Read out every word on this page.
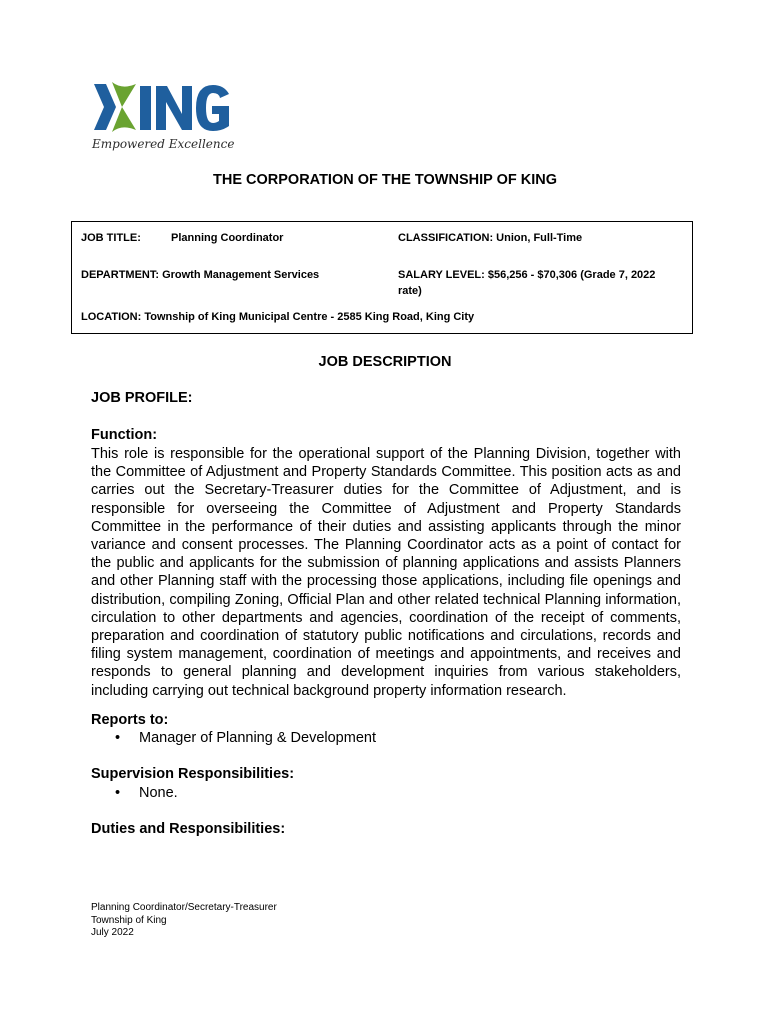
Empowered Excellence
THE CORPORATION OF THE TOWNSHIP OF KING
JOB TITLE:	Planning Coordinator	CLASSIFICATION: Union, Full-Time
DEPARTMENT: Growth Management Services	SALARY LEVEL: $56,256 - $70,306 (Grade 7, 2022
rate)
LOCATION: Township of King Municipal Centre - 2585 King Road, King City
JOB DESCRIPTION
JOB PROFILE:
Function:
This role is responsible for the operational support of the Planning Division, together with the Committee of Adjustment and Property Standards Committee. This position acts as and carries out the Secretary-Treasurer duties for the Committee of Adjustment, and is responsible for overseeing the Committee of Adjustment and Property Standards Committee in the performance of their duties and assisting applicants through the minor variance and consent processes. The Planning Coordinator acts as a point of contact for the public and applicants for the submission of planning applications and assists Planners and other Planning staff with the processing those applications, including file openings and distribution, compiling Zoning, Official Plan and other related technical Planning information, circulation to other departments and agencies, coordination of the receipt of comments, preparation and coordination of statutory public notifications and circulations, records and filing system management, coordination of meetings and appointments, and receives and responds to general planning and development inquiries from various stakeholders, including carrying out technical background property information research.
Reports to:
• Manager of Planning & Development
Supervision Responsibilities:
• None.
Duties and Responsibilities:
Planning Coordinator/Secretary-Treasurer
Township of King
July 2022
